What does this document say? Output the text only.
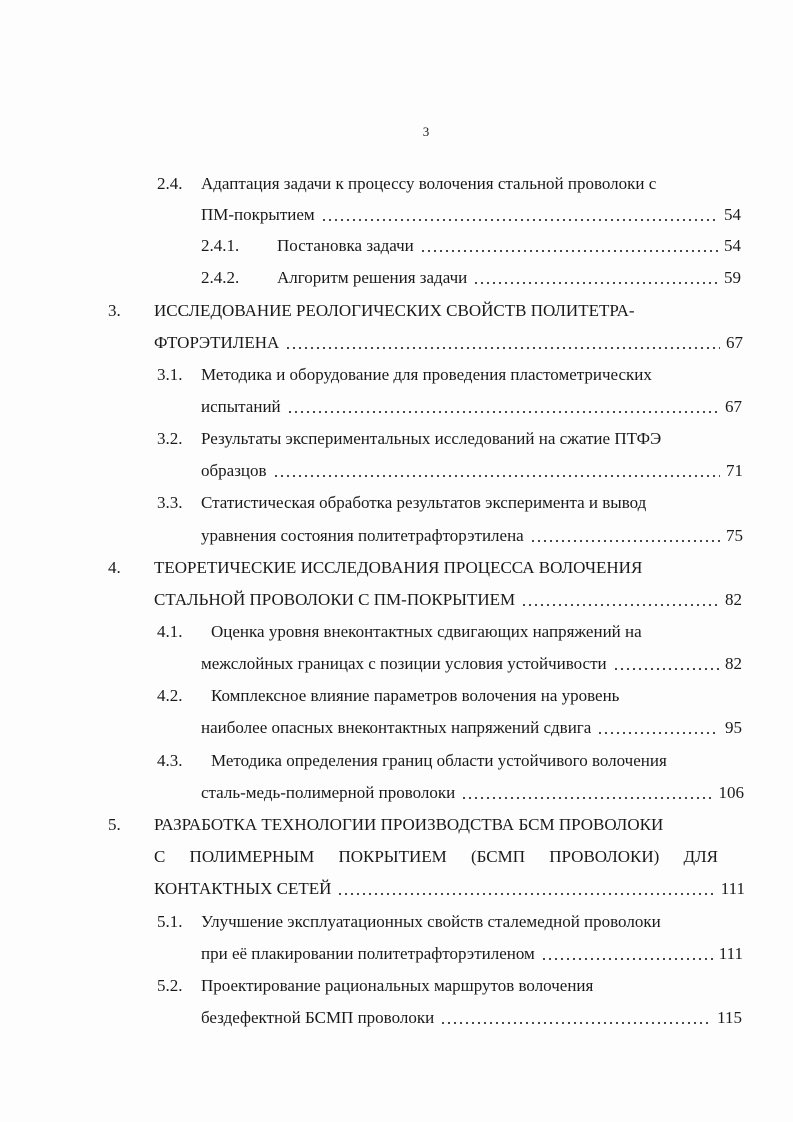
3
2.4. Адаптация задачи к процессу волочения стальной проволоки с
ПМ-покрытием	54
2.4.1. Постановка задачи	54
2.4.2. Алгоритм решения задачи	59
3. ИССЛЕДОВАНИЕ РЕОЛОГИЧЕСКИХ СВОЙСТВ ПОЛИТЕТРА-
ФТОРЭТИЛЕНА	67
3.1. Методика и оборудование для проведения пластометрических
испытаний	67
3.2. Результаты экспериментальных исследований на сжатие ПТФЭ
образцов	71
3.3. Статистическая обработка результатов эксперимента и вывод
уравнения состояния политетрафторэтилена	75
4. ТЕОРЕТИЧЕСКИЕ ИССЛЕДОВАНИЯ ПРОЦЕССА ВОЛОЧЕНИЯ
СТАЛЬНОЙ ПРОВОЛОКИ С ПМ-ПОКРЫТИЕМ	82
4.1. Оценка уровня внеконтактных сдвигающих напряжений на
межслойных границах с позиции условия устойчивости	82
4.2. Комплексное влияние параметров волочения на уровень
наиболее опасных внеконтактных напряжений сдвига	95
4.3. Методика определения границ области устойчивого волочения
сталь-медь-полимерной проволоки	106
5. РАЗРАБОТКА ТЕХНОЛОГИИ ПРОИЗВОДСТВА БСМ ПРОВОЛОКИ
С ПОЛИМЕРНЫМ ПОКРЫТИЕМ (БСМП ПРОВОЛОКИ) ДЛЯ
КОНТАКТНЫХ СЕТЕЙ	111
5.1. Улучшение эксплуатационных свойств сталемедной проволоки
при её плакировании политетрафторэтиленом	111
5.2. Проектирование рациональных маршрутов волочения
бездефектной БСМП проволоки	115
